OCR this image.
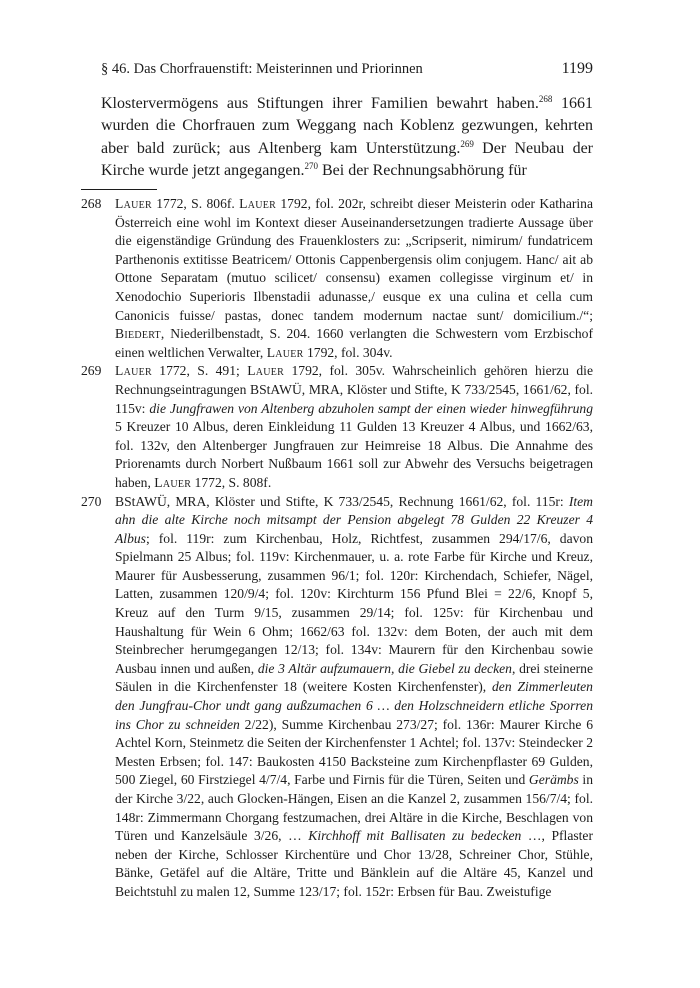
§ 46. Das Chorfrauenstift: Meisterinnen und Priorinnen	1199
Klostervermögens aus Stiftungen ihrer Familien bewahrt haben.$^{268}$ 1661 wurden die Chorfrauen zum Weggang nach Koblenz gezwungen, kehrten aber bald zurück; aus Altenberg kam Unterstützung.$^{269}$ Der Neubau der Kirche wurde jetzt angegangen.$^{270}$ Bei der Rechnungsabhörung für
268	Lauer 1772, S. 806f. Lauer 1792, fol. 202r, schreibt dieser Meisterin oder Katharina Österreich eine wohl im Kontext dieser Auseinandersetzungen tradierte Aussage über die eigenständige Gründung des Frauenklosters zu: „Scripserit, nimirum/ fundatricem Parthenonis extitisse Beatricem/ Ottonis Cappenbergensis olim conjugem. Hanc/ ait ab Ottone Separatam (mutuo scilicet/ consensu) examen collegisse virginum et/ in Xenodochio Superioris Ilbenstadii adunasse,/ eusque ex una culina et cella cum Canonicis fuisse/ pastas, donec tandem modernum nactae sunt/ domicilium./“; Biedert, Niederilbenstadt, S. 204. 1660 verlangten die Schwestern vom Erzbischof einen weltlichen Verwalter, Lauer 1792, fol. 304v.
269	Lauer 1772, S. 491; Lauer 1792, fol. 305v. Wahrscheinlich gehören hierzu die Rechnungseintragungen BStAWÜ, MRA, Klöster und Stifte, K 733/2545, 1661/62, fol. 115v: die Jungfrawen von Altenberg abzuholen sampt der einen wieder hinwegführung 5 Kreuzer 10 Albus, deren Einkleidung 11 Gulden 13 Kreuzer 4 Albus, und 1662/63, fol. 132v, den Altenberger Jungfrauen zur Heimreise 18 Albus. Die Annahme des Priorenamts durch Norbert Nußbaum 1661 soll zur Abwehr des Versuchs beigetragen haben, Lauer 1772, S. 808f.
270	BStAWÜ, MRA, Klöster und Stifte, K 733/2545, Rechnung 1661/62, fol. 115r: Item ahn die alte Kirche noch mitsampt der Pension abgelegt 78 Gulden 22 Kreuzer 4 Albus; fol. 119r: zum Kirchenbau, Holz, Richtfest, zusammen 294/17/6, davon Spielmann 25 Albus; fol. 119v: Kirchenmauer, u. a. rote Farbe für Kirche und Kreuz, Maurer für Ausbesserung, zusammen 96/1; fol. 120r: Kirchendach, Schiefer, Nägel, Latten, zusammen 120/9/4; fol. 120v: Kirchturm 156 Pfund Blei = 22/6, Knopf 5, Kreuz auf den Turm 9/15, zusammen 29/14; fol. 125v: für Kirchenbau und Haushaltung für Wein 6 Ohm; 1662/63 fol. 132v: dem Boten, der auch mit dem Steinbrecher herumgegangen 12/13; fol. 134v: Maurern für den Kirchenbau sowie Ausbau innen und außen, die 3 Altär aufzumauern, die Giebel zu decken, drei steinerne Säulen in die Kirchenfenster 18 (weitere Kosten Kirchenfenster), den Zimmerleuten den Jungfrau-Chor undt gang außzumachen 6 … den Holzschneidern etliche Sporren ins Chor zu schneiden 2/22), Summe Kirchenbau 273/27; fol. 136r: Maurer Kirche 6 Achtel Korn, Steinmetz die Seiten der Kirchenfenster 1 Achtel; fol. 137v: Steindecker 2 Mesten Erbsen; fol. 147: Baukosten 4150 Backsteine zum Kirchenpflaster 69 Gulden, 500 Ziegel, 60 Firstziegel 4/7/4, Farbe und Firnis für die Türen, Seiten und Gerämbs in der Kirche 3/22, auch Glocken-Hängen, Eisen an die Kanzel 2, zusammen 156/7/4; fol. 148r: Zimmermann Chorgang festzumachen, drei Altäre in die Kirche, Beschlagen von Türen und Kanzelsäule 3/26, … Kirchhoff mit Ballisaten zu bedecken …, Pflaster neben der Kirche, Schlosser Kirchentüre und Chor 13/28, Schreiner Chor, Stühle, Bänke, Getäfel auf die Altäre, Tritte und Bänklein auf die Altäre 45, Kanzel und Beichtstuhl zu malen 12, Summe 123/17; fol. 152r: Erbsen für Bau. Zweistufige
